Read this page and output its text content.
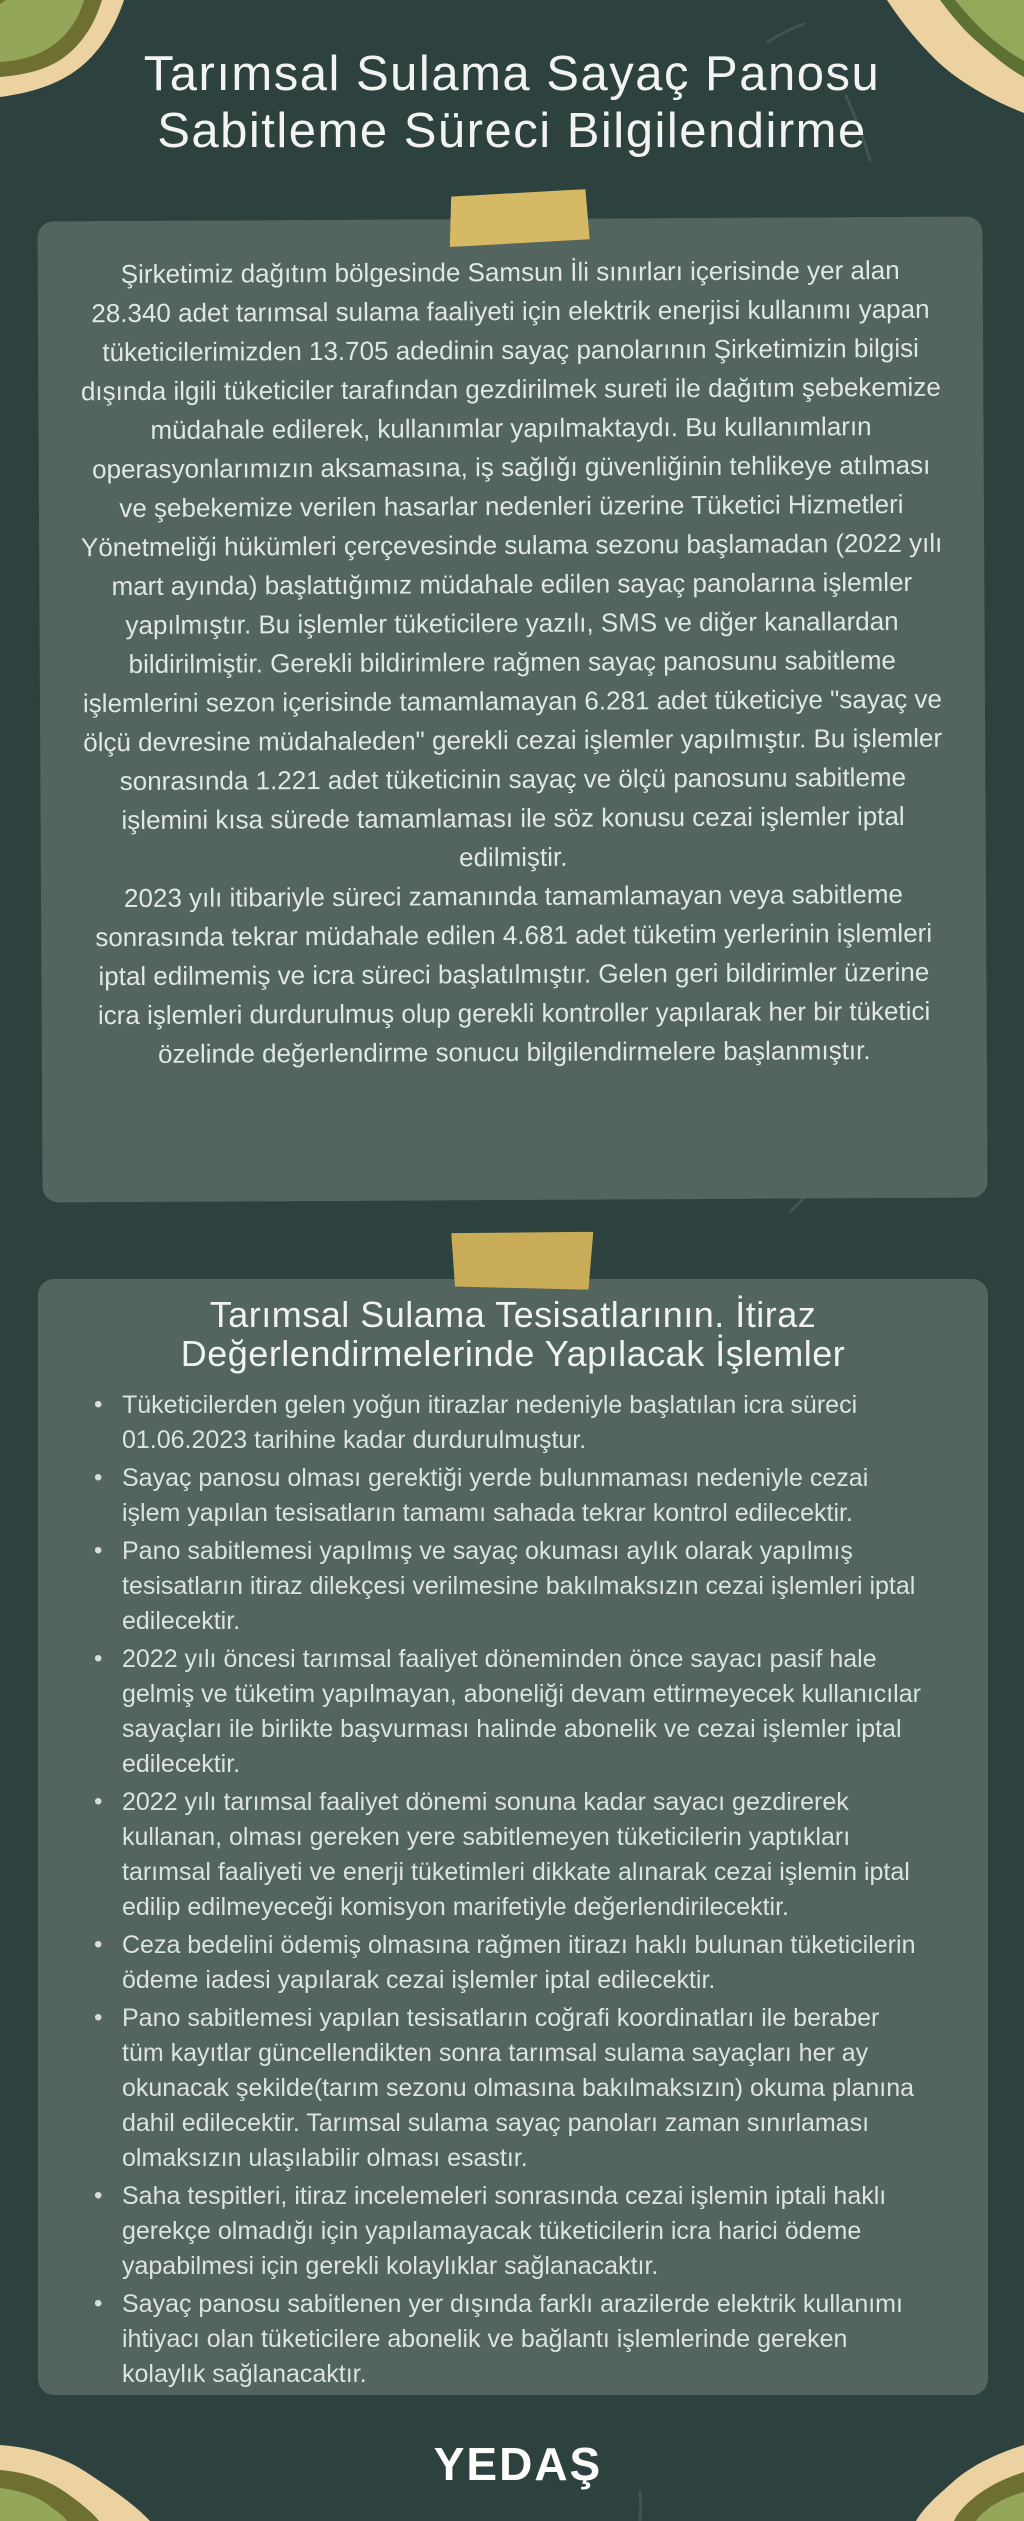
Tarımsal Sulama Sayaç Panosu
Sabitleme Süreci Bilgilendirme

Şirketimiz dağıtım bölgesinde Samsun İli sınırları içerisinde yer alan 28.340 adet tarımsal sulama faaliyeti için elektrik enerjisi kullanımı yapan tüketicilerimizden 13.705 adedinin sayaç panolarının Şirketimizin bilgisi dışında ilgili tüketiciler tarafından gezdirilmek sureti ile dağıtım şebekemize müdahale edilerek, kullanımlar yapılmaktaydı. Bu kullanımların operasyonlarımızın aksamasına, iş sağlığı güvenliğinin tehlikeye atılması ve şebekemize verilen hasarlar nedenleri üzerine Tüketici Hizmetleri Yönetmeliği hükümleri çerçevesinde sulama sezonu başlamadan (2022 yılı mart ayında) başlattığımız müdahale edilen sayaç panolarına işlemler yapılmıştır. Bu işlemler tüketicilere yazılı, SMS ve diğer kanallardan bildirilmiştir. Gerekli bildirimlere rağmen sayaç panosunu sabitleme işlemlerini sezon içerisinde tamamlamayan 6.281 adet tüketiciye "sayaç ve ölçü devresine müdahaleden" gerekli cezai işlemler yapılmıştır. Bu işlemler sonrasında 1.221 adet tüketicinin sayaç ve ölçü panosunu sabitleme işlemini kısa sürede tamamlaması ile söz konusu cezai işlemler iptal edilmiştir.

2023 yılı itibariyle süreci zamanında tamamlamayan veya sabitleme sonrasında tekrar müdahale edilen 4.681 adet tüketim yerlerinin işlemleri iptal edilmemiş ve icra süreci başlatılmıştır. Gelen geri bildirimler üzerine icra işlemleri durdurulmuş olup gerekli kontroller yapılarak her bir tüketici özelinde değerlendirme sonucu bilgilendirmelere başlanmıştır.

Tarımsal Sulama Tesisatlarının. İtiraz
Değerlendirmelerinde Yapılacak İşlemler
• Tüketicilerden gelen yoğun itirazlar nedeniyle başlatılan icra süreci 01.06.2023 tarihine kadar durdurulmuştur.
• Sayaç panosu olması gerektiği yerde bulunmaması nedeniyle cezai işlem yapılan tesisatların tamamı sahada tekrar kontrol edilecektir.
• Pano sabitlemesi yapılmış ve sayaç okuması aylık olarak yapılmış tesisatların itiraz dilekçesi verilmesine bakılmaksızın cezai işlemleri iptal edilecektir.
• 2022 yılı öncesi tarımsal faaliyet döneminden önce sayacı pasif hale gelmiş ve tüketim yapılmayan, aboneliği devam ettirmeyecek kullanıcılar sayaçları ile birlikte başvurması halinde abonelik ve cezai işlemler iptal edilecektir.
• 2022 yılı tarımsal faaliyet dönemi sonuna kadar sayacı gezdirerek kullanan, olması gereken yere sabitlemeyen tüketicilerin yaptıkları tarımsal faaliyeti ve enerji tüketimleri dikkate alınarak cezai işlemin iptal edilip edilmeyeceği komisyon marifetiyle değerlendirilecektir.
• Ceza bedelini ödemiş olmasına rağmen itirazı haklı bulunan tüketicilerin ödeme iadesi yapılarak cezai işlemler iptal edilecektir.
• Pano sabitlemesi yapılan tesisatların coğrafi koordinatları ile beraber tüm kayıtlar güncellendikten sonra tarımsal sulama sayaçları her ay okunacak şekilde(tarım sezonu olmasına bakılmaksızın) okuma planına dahil edilecektir. Tarımsal sulama sayaç panoları zaman sınırlaması olmaksızın ulaşılabilir olması esastır.
• Saha tespitleri, itiraz incelemeleri sonrasında cezai işlemin iptali haklı gerekçe olmadığı için yapılamayacak tüketicilerin icra harici ödeme yapabilmesi için gerekli kolaylıklar sağlanacaktır.
• Sayaç panosu sabitlenen yer dışında farklı arazilerde elektrik kullanımı ihtiyacı olan tüketicilere abonelik ve bağlantı işlemlerinde gereken kolaylık sağlanacaktır.
YEDAŞ
